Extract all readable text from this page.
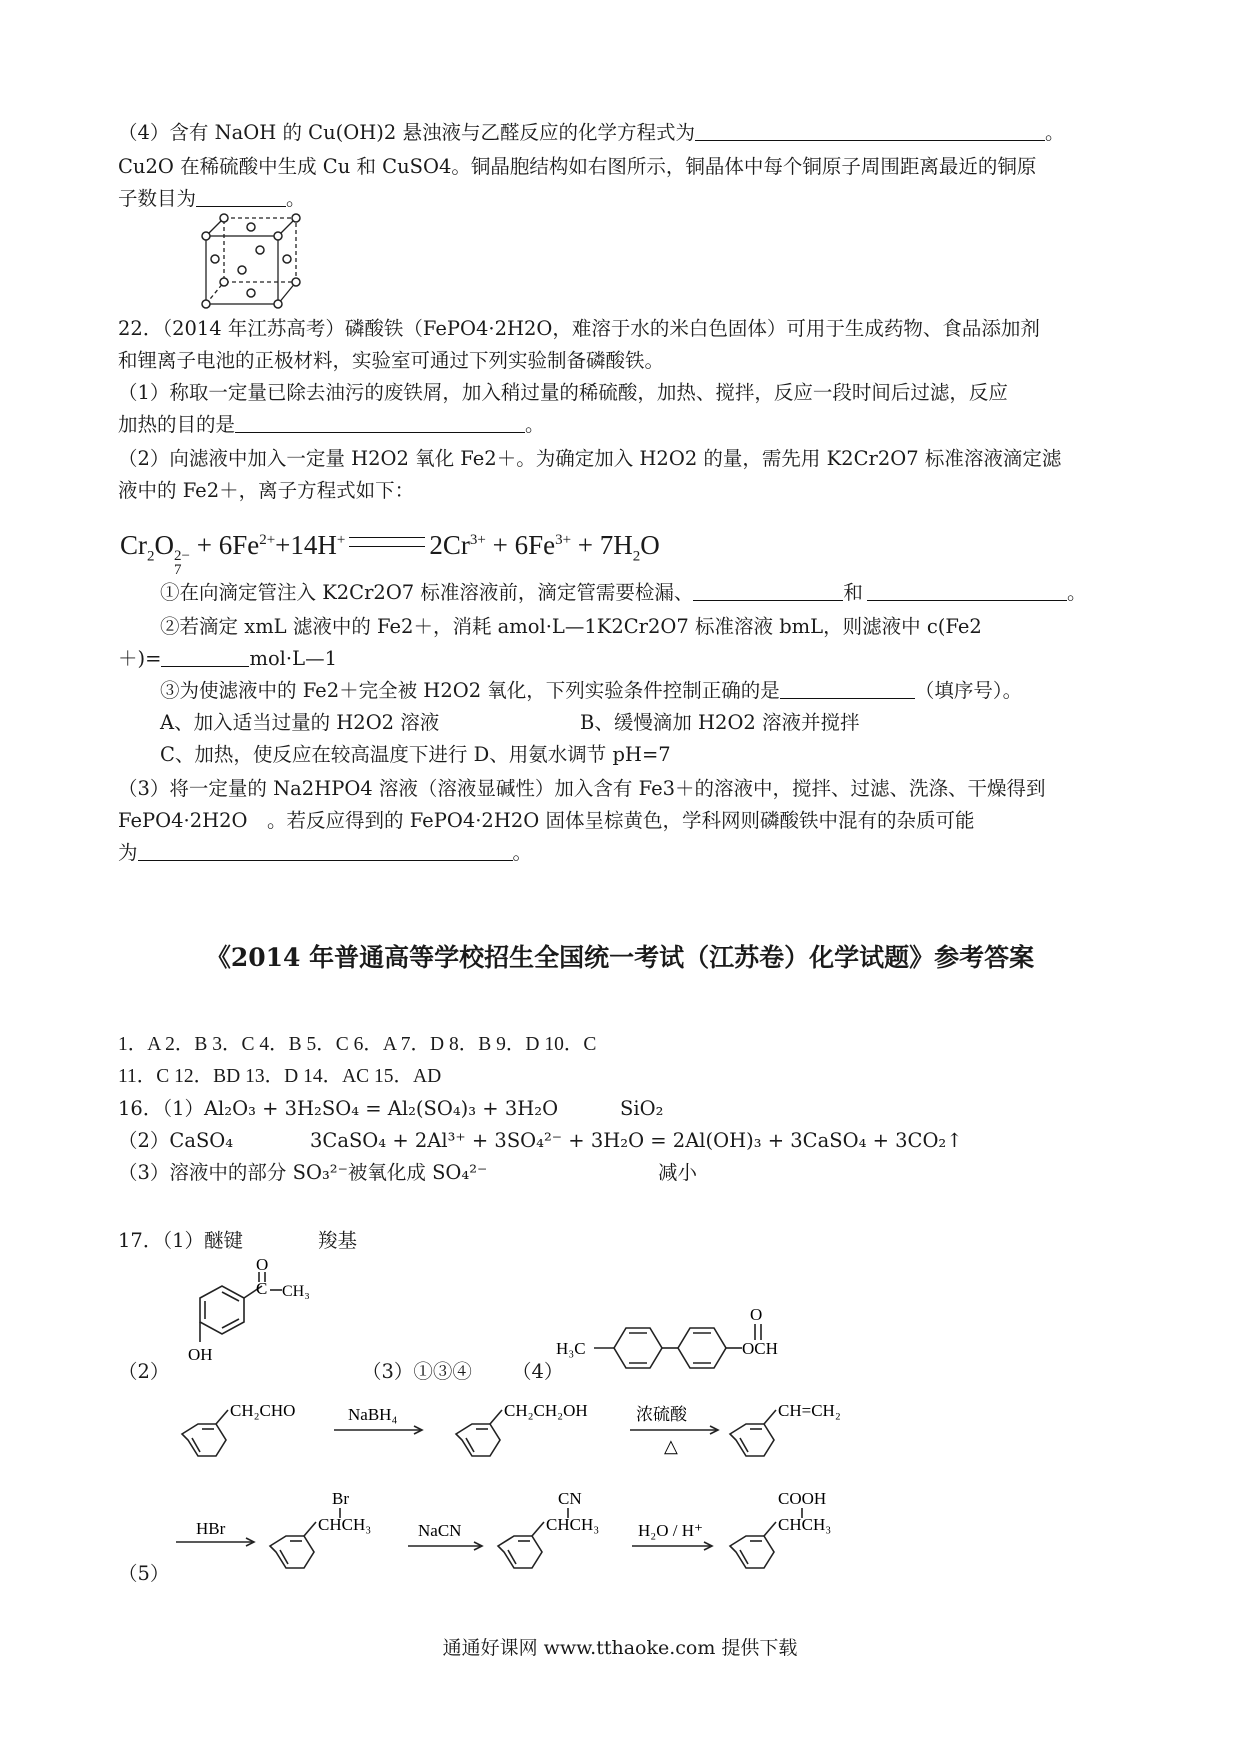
（4）含有 NaOH 的 Cu(OH)2 悬浊液与乙醛反应的化学方程式为	。
Cu2O 在稀硫酸中生成 Cu 和 CuSO4。铜晶胞结构如右图所示，铜晶体中每个铜原子周围距离最近的铜原
子数目为	。
22．（2014 年江苏高考）磷酸铁（FePO4·2H2O，难溶于水的米白色固体）可用于生成药物、食品添加剂
和锂离子电池的正极材料，实验室可通过下列实验制备磷酸铁。
（1）称取一定量已除去油污的废铁屑，加入稍过量的稀硫酸，加热、搅拌，反应一段时间后过滤，反应
加热的目的是	。
（2）向滤液中加入一定量 H2O2 氧化 Fe2＋。为确定加入 H2O2 的量，需先用 K2Cr2O7 标准溶液滴定滤
液中的 Fe2＋，离子方程式如下：
$Cr_2O$ 2−
7
+ $6Fe^{2+}+14H^+$	$2Cr^{3+} + 6Fe^{3+} + 7H_2O$
①在向滴定管注入 K2Cr2O7 标准溶液前，滴定管需要检漏、	和	。
②若滴定 xmL 滤液中的 Fe2＋，消耗 amol·L—1K2Cr2O7 标准溶液 bmL，则滤液中 c(Fe2
＋)=	mol·L—1
③为使滤液中的 Fe2＋完全被 H2O2 氧化，下列实验条件控制正确的是	（填序号）。
A、加入适当过量的 H2O2 溶液	B、缓慢滴加 H2O2 溶液并搅拌
C、加热，使反应在较高温度下进行 D、用氨水调节 pH=7
（3）将一定量的 Na2HPO4 溶液（溶液显碱性）加入含有 Fe3＋的溶液中，搅拌、过滤、洗涤、干燥得到
FePO4·2H2O　。若反应得到的 FePO4·2H2O 固体呈棕黄色，学科网则磷酸铁中混有的杂质可能
为	。
《2014 年普通高等学校招生全国统一考试（江苏卷）化学试题》参考答案
1．A 2．B 3．C 4．B 5．C 6．A 7．D 8．B 9．D 10．C
11．C 12．BD 13．D 14．AC 15．AD
16．（1）Al₂O₃ + 3H₂SO₄ = Al₂(SO₄)₃ + 3H₂O	SiO₂
（2）CaSO₄	3CaSO₄ + 2Al³⁺ + 3SO₄²⁻ + 3H₂O = 2Al(OH)₃ + 3CaSO₄ + 3CO₂↑
（3）溶液中的部分 SO₃²⁻被氧化成 SO₄²⁻	减小
17．（1）醚键	羧基
（2）	（3）①③④ （4）
（5）
O
C CH₃
OH	H₃C
O
OCH
CH₂CHO	NaBH₄	CH₂CH₂OH	浓硫酸
△
CH=CH₂
HBr
Br
CHCH₃	NaCN
CN
CHCH₃ H₂O / H⁺
COOH
CHCH₃
通通好课网 www.tthaoke.com 提供下载
